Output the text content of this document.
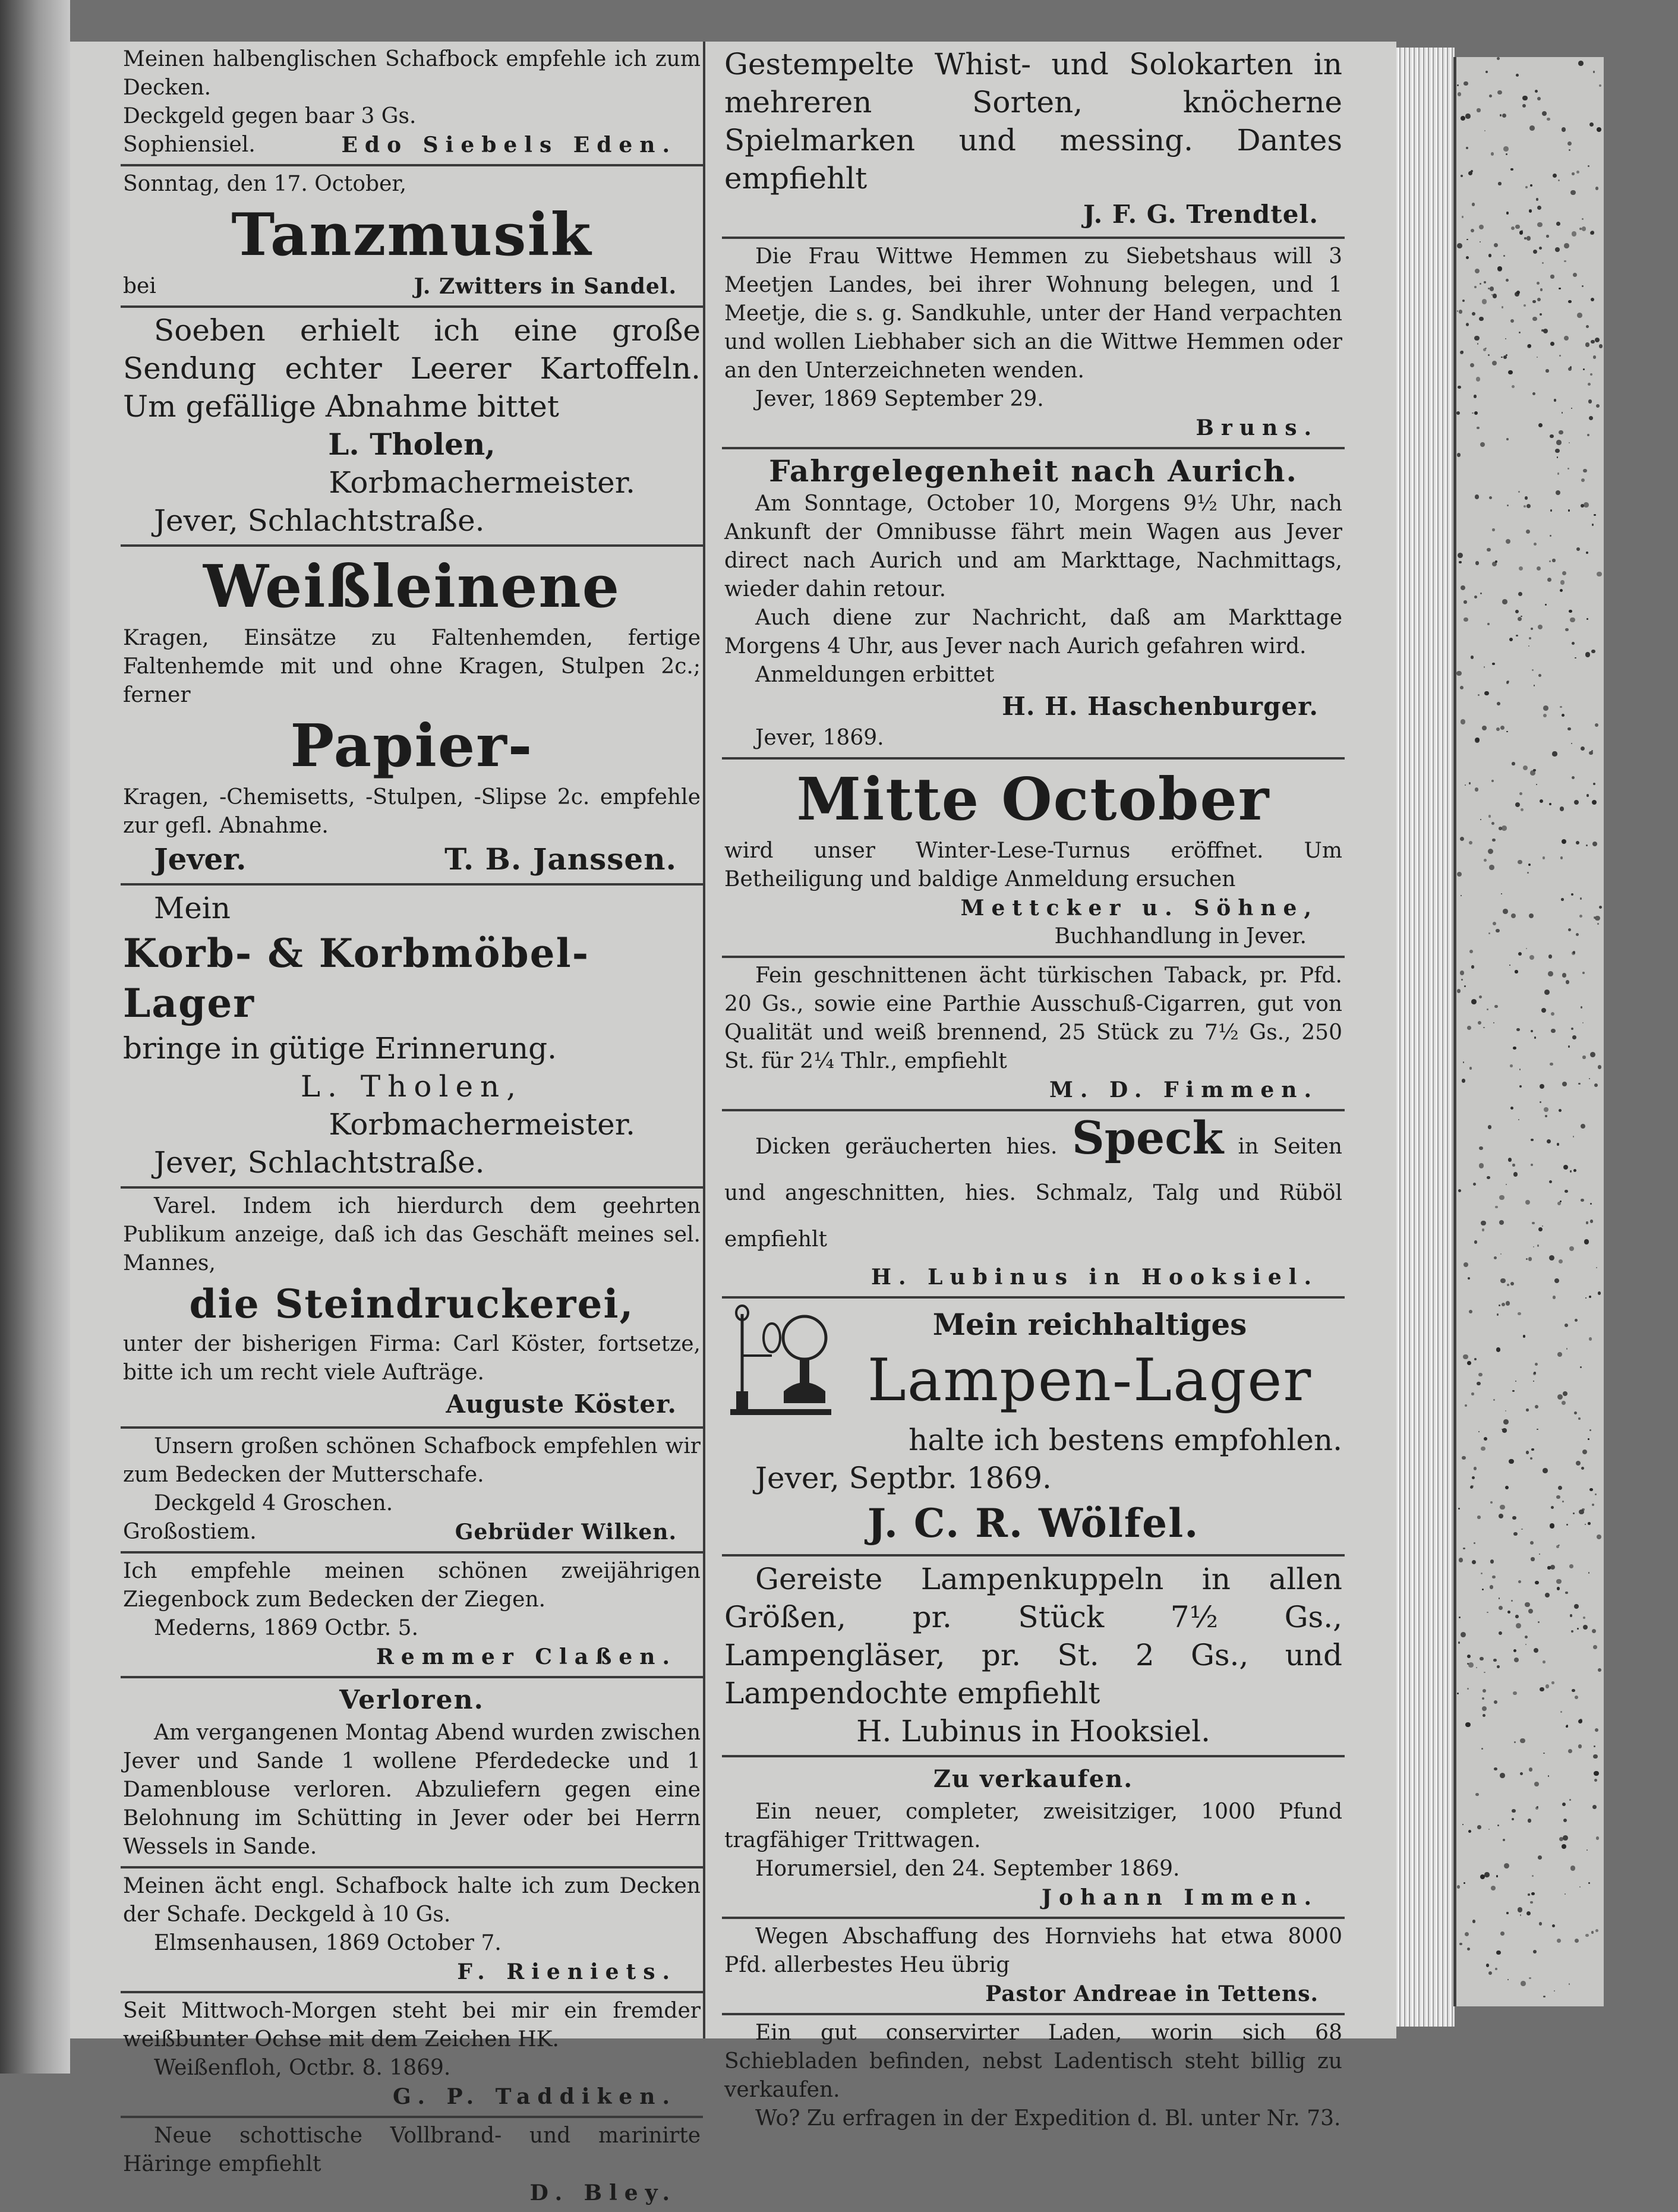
Meinen halbenglischen Schafbock empfehle ich zum Decken.

Deckgeld gegen baar 3 Gs.

Sophiensiel.	Edo Siebels Eden.

Sonntag, den 17. October,

Tanzmusik

bei	J. Zwitters in Sandel.

Soeben erhielt ich eine große Sendung echter Leerer Kartoffeln. Um gefällige Abnahme bittet

L. Tholen,

Korbmachermeister.

Jever, Schlachtstraße.

Weißleinene

Kragen, Einsätze zu Faltenhemden, fertige Faltenhemde mit und ohne Kragen, Stulpen 2c.; ferner

Papier-

Kragen, -Chemisetts, -Stulpen, -Slipse 2c. empfehle zur gefl. Abnahme.

Jever.	T. B. Janssen.

Mein

Korb- & Korbmöbel-Lager

bringe in gütige Erinnerung.

L. Tholen,

Korbmachermeister.

Jever, Schlachtstraße.

Varel. Indem ich hierdurch dem geehrten Publikum anzeige, daß ich das Geschäft meines sel. Mannes,

die Steindruckerei,

unter der bisherigen Firma: Carl Köster, fortsetze, bitte ich um recht viele Aufträge.

Auguste Köster.

Unsern großen schönen Schafbock empfehlen wir zum Bedecken der Mutterschafe.

Deckgeld 4 Groschen.

Großostiem.	Gebrüder Wilken.

Ich empfehle meinen schönen zweijährigen Ziegenbock zum Bedecken der Ziegen.

Mederns, 1869 Octbr. 5.

Remmer Claßen.

Verloren.

Am vergangenen Montag Abend wurden zwischen Jever und Sande 1 wollene Pferdedecke und 1 Damenblouse verloren. Abzuliefern gegen eine Belohnung im Schütting in Jever oder bei Herrn Wessels in Sande.

Meinen ächt engl. Schafbock halte ich zum Decken der Schafe. Deckgeld à 10 Gs.

Elmsenhausen, 1869 October 7.

F. Rieniets.

Seit Mittwoch-Morgen steht bei mir ein fremder weißbunter Ochse mit dem Zeichen HK.

Weißenfloh, Octbr. 8. 1869.

G. P. Taddiken.

Neue schottische Vollbrand- und marinirte Häringe empfiehlt

D. Bley.

Gestempelte Whist- und Solokarten in mehreren Sorten, knöcherne Spielmarken und messing. Dantes empfiehlt

J. F. G. Trendtel.

Die Frau Wittwe Hemmen zu Siebetshaus will 3 Meetjen Landes, bei ihrer Wohnung belegen, und 1 Meetje, die s. g. Sandkuhle, unter der Hand verpachten und wollen Liebhaber sich an die Wittwe Hemmen oder an den Unterzeichneten wenden.

Jever, 1869 September 29.

Bruns.

Fahrgelegenheit nach Aurich.

Am Sonntage, October 10, Morgens 9½ Uhr, nach Ankunft der Omnibusse fährt mein Wagen aus Jever direct nach Aurich und am Markttage, Nachmittags, wieder dahin retour.

Auch diene zur Nachricht, daß am Markttage Morgens 4 Uhr, aus Jever nach Aurich gefahren wird.

Anmeldungen erbittet

H. H. Haschenburger.

Jever, 1869.

Mitte October

wird unser Winter-Lese-Turnus eröffnet. Um Betheiligung und baldige Anmeldung ersuchen

Mettcker u. Söhne,

Buchhandlung in Jever.

Fein geschnittenen ächt türkischen Taback, pr. Pfd. 20 Gs., sowie eine Parthie Ausschuß-Cigarren, gut von Qualität und weiß brennend, 25 Stück zu 7½ Gs., 250 St. für 2¼ Thlr., empfiehlt

M. D. Fimmen.

Dicken geräucherten hies. Speck in Seiten und angeschnitten, hies. Schmalz, Talg und Rüböl empfiehlt

H. Lubinus in Hooksiel.

Mein reichhaltiges

Lampen-Lager

halte ich bestens empfohlen.

Jever, Septbr. 1869.

J. C. R. Wölfel.

Gereiste Lampenkuppeln in allen Größen, pr. Stück 7½ Gs., Lampengläser, pr. St. 2 Gs., und Lampendochte empfiehlt

H. Lubinus in Hooksiel.

Zu verkaufen.

Ein neuer, completer, zweisitziger, 1000 Pfund tragfähiger Trittwagen.

Horumersiel, den 24. September 1869.

Johann Immen.

Wegen Abschaffung des Hornviehs hat etwa 8000 Pfd. allerbestes Heu übrig

Pastor Andreae in Tettens.

Ein gut conservirter Laden, worin sich 68 Schiebladen befinden, nebst Ladentisch steht billig zu verkaufen.

Wo? Zu erfragen in der Expedition d. Bl. unter Nr. 73.
